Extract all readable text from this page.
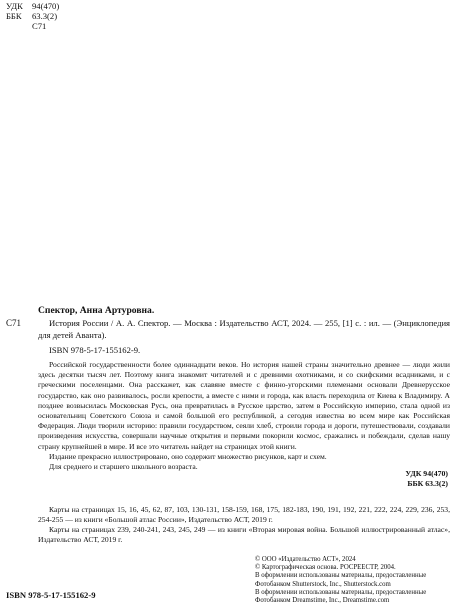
УДК 94(470)
ББК 63.3(2)
С71
Спектор, Анна Артуровна.
С71	История России / А. А. Спектор. — Москва : Издательство АСТ, 2024. — 255, [1] с. : ил. — (Энциклопедия для детей Аванта).
ISBN 978-5-17-155162-9.

Российской государственности более одиннадцати веков. Но история нашей страны значительно древнее — люди жили здесь десятки тысяч лет. Поэтому книга знакомит читателей и с древними охотниками, и со скифскими всадниками, и с греческими поселенцами. Она расскажет, как славяне вместе с финно-угорскими племенами основали Древнерусское государство, как оно развивалось, росли крепости, а вместе с ними и города, как власть переходила от Киева к Владимиру. А позднее возвысилась Московская Русь, она превратилась в Русское царство, затем в Российскую империю, стала одной из основательниц Советского Союза и самой большой его республикой, а сегодня известна во всем мире как Российская Федерация. Люди творили историю: правили государством, сеяли хлеб, строили города и дороги, путешествовали, создавали произведения искусства, совершали научные открытия и первыми покорили космос, сражались и побеждали, сделав нашу страну крупнейшей в мире. И все это читатель найдет на страницах этой книги.

Издание прекрасно иллюстрировано, оно содержит множество рисунков, карт и схем.

Для среднего и старшего школьного возраста.

УДК 94(470)
ББК 63.3(2)

Карты на страницах 15, 16, 45, 62, 87, 103, 130-131, 158-159, 168, 175, 182-183, 190, 191, 192, 221, 222, 224, 229, 236, 253, 254-255 — из книги «Большой атлас России», Издательство АСТ, 2019 г.

Карты на страницах 239, 240-241, 243, 245, 249 — из книги «Вторая мировая война. Большой иллюстрированный атлас», Издательство АСТ, 2019 г.

© ООО «Издательство АСТ», 2024

© Картографическая основа. РОСРЕЕСТР, 2004.

В оформлении использованы материалы, предоставленные

Фотобанком Shutterstock, Inc., Shutterstock.com

В оформлении использованы материалы, предоставленные

Фотобанком Dreamstime, Inc., Dreamstime.com

ISBN 978-5-17-155162-9
